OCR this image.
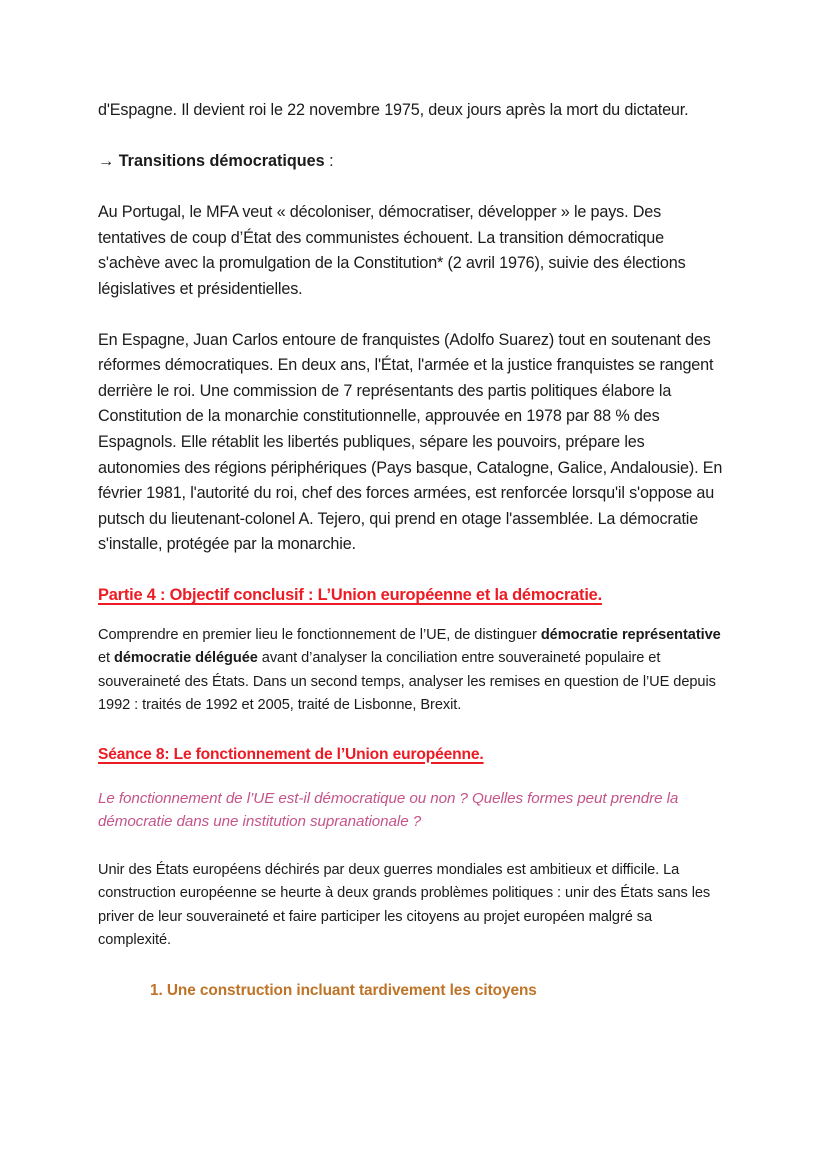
d'Espagne. Il devient roi le 22 novembre 1975, deux jours après la mort du dictateur.

→ Transitions démocratiques :

Au Portugal, le MFA veut « décoloniser, démocratiser, développer » le pays. Des tentatives de coup d’État des communistes échouent. La transition démocratique s'achève avec la promulgation de la Constitution* (2 avril 1976), suivie des élections législatives et présidentielles.

En Espagne, Juan Carlos entoure de franquistes (Adolfo Suarez) tout en soutenant des réformes démocratiques. En deux ans, l'État, l'armée et la justice franquistes se rangent derrière le roi. Une commission de 7 représentants des partis politiques élabore la Constitution de la monarchie constitutionnelle, approuvée en 1978 par 88 % des Espagnols. Elle rétablit les libertés publiques, sépare les pouvoirs, prépare les autonomies des régions périphériques (Pays basque, Catalogne, Galice, Andalousie). En février 1981, l'autorité du roi, chef des forces armées, est renforcée lorsqu'il s'oppose au putsch du lieutenant-colonel A. Tejero, qui prend en otage l'assemblée. La démocratie s'installe, protégée par la monarchie.

Partie 4 : Objectif conclusif : L’Union européenne et la démocratie.

Comprendre en premier lieu le fonctionnement de l’UE, de distinguer démocratie représentative et démocratie déléguée avant d’analyser la conciliation entre souveraineté populaire et souveraineté des États. Dans un second temps, analyser les remises en question de l’UE depuis 1992 : traités de 1992 et 2005, traité de Lisbonne, Brexit.

Séance 8: Le fonctionnement de l’Union européenne.

Le fonctionnement de l’UE est-il démocratique ou non ? Quelles formes peut prendre la démocratie dans une institution supranationale ?

Unir des États européens déchirés par deux guerres mondiales est ambitieux et difficile. La construction européenne se heurte à deux grands problèmes politiques : unir des États sans les priver de leur souveraineté et faire participer les citoyens au projet européen malgré sa complexité.

1. Une construction incluant tardivement les citoyens
